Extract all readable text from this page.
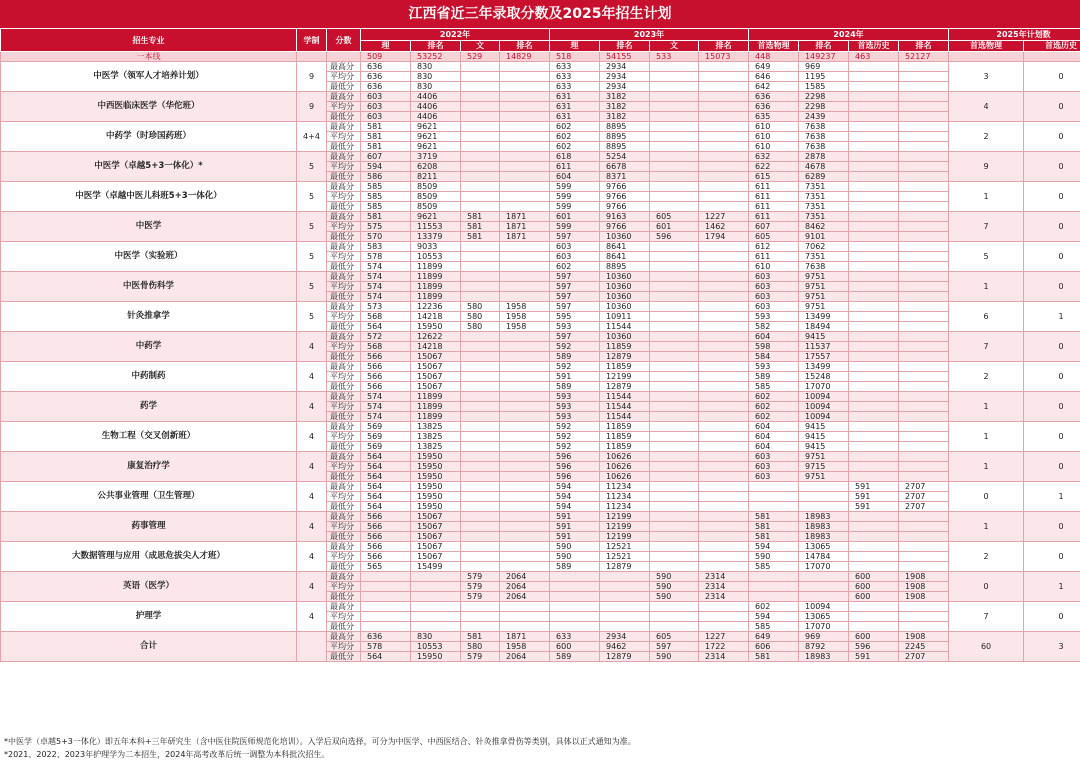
江西省近三年录取分数及2025年招生计划
招生专业	学制	分数	2022年				2023年				2024年				2025年计划数	
			理	排名	文	排名	理	排名	文	排名	首选物理	排名	首选历史	排名	首选物理	首选历史
一本线			509	53252	529	14829	518	54155	533	15073	448	149237	463	52127		
中医学（领军人才培养计划）	9	最高分	636	830			633	2934			649	969			3	0
		平均分	636	830			633	2934			646	1195				
		最低分	636	830			633	2934			642	1585				
中西医临床医学（华佗班）	9	最高分	603	4406			631	3182			636	2298			4	0
		平均分	603	4406			631	3182			636	2298				
		最低分	603	4406			631	3182			635	2439				
中药学（时珍国药班）	4+4	最高分	581	9621			602	8895			610	7638			2	0
		平均分	581	9621			602	8895			610	7638				
		最低分	581	9621			602	8895			610	7638				
中医学（卓越5+3一体化）*	5	最高分	607	3719			618	5254			632	2878			9	0
		平均分	594	6208			611	6678			622	4678				
		最低分	586	8211			604	8371			615	6289				
中医学（卓越中医儿科班5+3一体化）	5	最高分	585	8509			599	9766			611	7351			1	0
		平均分	585	8509			599	9766			611	7351				
		最低分	585	8509			599	9766			611	7351				
中医学	5	最高分	581	9621	581	1871	601	9163	605	1227	611	7351			7	0
		平均分	575	11553	581	1871	599	9766	601	1462	607	8462				
		最低分	570	13379	581	1871	597	10360	596	1794	605	9101				
中医学（实验班）	5	最高分	583	9033			603	8641			612	7062			5	0
		平均分	578	10553			603	8641			611	7351				
		最低分	574	11899			602	8895			610	7638				
中医骨伤科学	5	最高分	574	11899			597	10360			603	9751			1	0
		平均分	574	11899			597	10360			603	9751				
		最低分	574	11899			597	10360			603	9751				
针灸推拿学	5	最高分	573	12236	580	1958	597	10360			603	9751			6	1
		平均分	568	14218	580	1958	595	10911			593	13499				
		最低分	564	15950	580	1958	593	11544			582	18494				
中药学	4	最高分	572	12622			597	10360			604	9415			7	0
		平均分	568	14218			592	11859			598	11537				
		最低分	566	15067			589	12879			584	17557				
中药制药	4	最高分	566	15067			592	11859			593	13499			2	0
		平均分	566	15067			591	12199			589	15248				
		最低分	566	15067			589	12879			585	17070				
药学	4	最高分	574	11899			593	11544			602	10094			1	0
		平均分	574	11899			593	11544			602	10094				
		最低分	574	11899			593	11544			602	10094				
生物工程（交叉创新班）	4	最高分	569	13825			592	11859			604	9415			1	0
		平均分	569	13825			592	11859			604	9415				
		最低分	569	13825			592	11859			604	9415				
康复治疗学	4	最高分	564	15950			596	10626			603	9751			1	0
		平均分	564	15950			596	10626			603	9715				
		最低分	564	15950			596	10626			603	9751				
公共事业管理（卫生管理）	4	最高分	564	15950			594	11234					591	2707	0	1
		平均分	564	15950			594	11234					591	2707		
		最低分	564	15950			594	11234					591	2707		
药事管理	4	最高分	566	15067			591	12199			581	18983			1	0
		平均分	566	15067			591	12199			581	18983				
		最低分	566	15067			591	12199			581	18983				
大数据管理与应用（成思危拔尖人才班）	4	最高分	566	15067			590	12521			594	13065			2	0
		平均分	566	15067			590	12521			590	14784				
		最低分	565	15499			589	12879			585	17070				
英语（医学）	4	最高分			579	2064			590	2314			600	1908	0	1
		平均分			579	2064			590	2314			600	1908		
		最低分			579	2064			590	2314			600	1908		
护理学	4	最高分									602	10094			7	0
		平均分									594	13065				
		最低分									585	17070				
合计		最高分	636	830	581	1871	633	2934	605	1227	649	969	600	1908	60	3
		平均分	578	10553	580	1958	600	9462	597	1722	606	8792	596	2245		
		最低分	564	15950	579	2064	589	12879	590	2314	581	18983	591	2707		
*中医学（卓越5+3一体化）即五年本科+三年研究生（含中医住院医师规范化培训）。入学后双向选择，可分为中医学、中西医结合、针灸推拿骨伤等类别，具体以正式通知为准。
*2021、2022、2023年护理学为二本招生，2024年高考改革后统一调整为本科批次招生。
